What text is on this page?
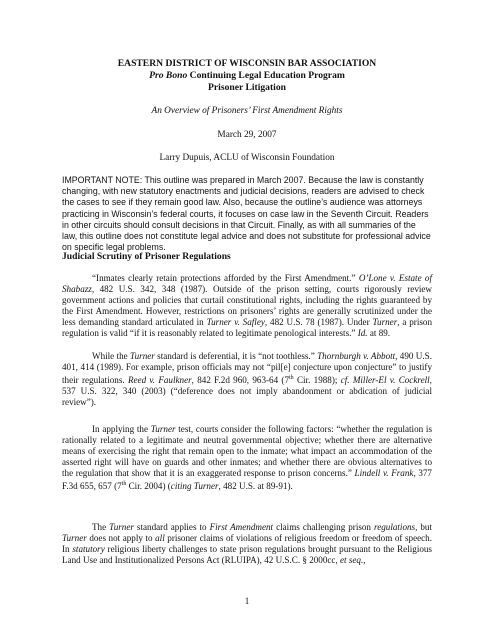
EASTERN DISTRICT OF WISCONSIN BAR ASSOCIATION
Pro Bono Continuing Legal Education Program
Prisoner Litigation
An Overview of Prisoners’ First Amendment Rights
March 29, 2007
Larry Dupuis, ACLU of Wisconsin Foundation
IMPORTANT NOTE: This outline was prepared in March 2007. Because the law is constantly changing, with new statutory enactments and judicial decisions, readers are advised to check the cases to see if they remain good law. Also, because the outline’s audience was attorneys practicing in Wisconsin’s federal courts, it focuses on case law in the Seventh Circuit. Readers in other circuits should consult decisions in that Circuit. Finally, as with all summaries of the law, this outline does not constitute legal advice and does not substitute for professional advice on specific legal problems.
Judicial Scrutiny of Prisoner Regulations
“Inmates clearly retain protections afforded by the First Amendment.” O’Lone v. Estate of Shabazz, 482 U.S. 342, 348 (1987). Outside of the prison setting, courts rigorously review government actions and policies that curtail constitutional rights, including the rights guaranteed by the First Amendment. However, restrictions on prisoners’ rights are generally scrutinized under the less demanding standard articulated in Turner v. Safley, 482 U.S. 78 (1987). Under Turner, a prison regulation is valid “if it is reasonably related to legitimate penological interests.” Id. at 89.
While the Turner standard is deferential, it is “not toothless.” Thornburgh v. Abbott, 490 U.S. 401, 414 (1989). For example, prison officials may not “pil[e] conjecture upon conjecture” to justify their regulations. Reed v. Faulkner, 842 F.2d 960, 963-64 (7th Cir. 1988); cf. Miller-El v. Cockrell, 537 U.S. 322, 340 (2003) (“deference does not imply abandonment or abdication of judicial review”).
In applying the Turner test, courts consider the following factors: “whether the regulation is rationally related to a legitimate and neutral governmental objective; whether there are alternative means of exercising the right that remain open to the inmate; what impact an accommodation of the asserted right will have on guards and other inmates; and whether there are obvious alternatives to the regulation that show that it is an exaggerated response to prison concerns.” Lindell v. Frank, 377 F.3d 655, 657 (7th Cir. 2004) (citing Turner, 482 U.S. at 89-91).
The Turner standard applies to First Amendment claims challenging prison regulations, but Turner does not apply to all prisoner claims of violations of religious freedom or freedom of speech. In statutory religious liberty challenges to state prison regulations brought pursuant to the Religious Land Use and Institutionalized Persons Act (RLUIPA), 42 U.S.C. § 2000cc, et seq.,
1
